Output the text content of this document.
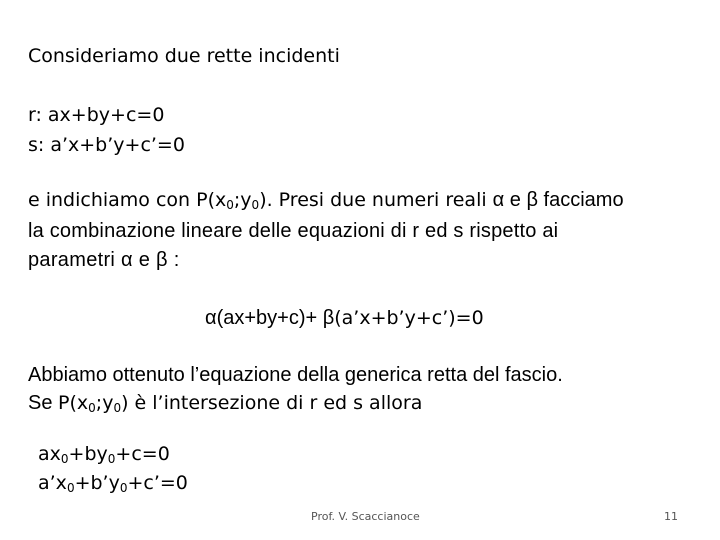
Consideriamo due rette incidenti
r: ax+by+c=0
s: a’x+b’y+c’=0
e indichiamo con $P(x_0;y_0)$. Presi due numeri reali α e β facciamo
la combinazione lineare delle equazioni di r ed s rispetto ai
parametri α e β :
α(ax+by+c)+ β(a’x+b’y+c’)=0
Abbiamo ottenuto l’equazione della generica retta del fascio.
Se $P(x_0;y_0)$ è l’intersezione di r ed s allora
$ax_0+by_0+c=0$
$a’x_0+b’y_0+c’=0$
Prof. V. Scaccianoce	11
